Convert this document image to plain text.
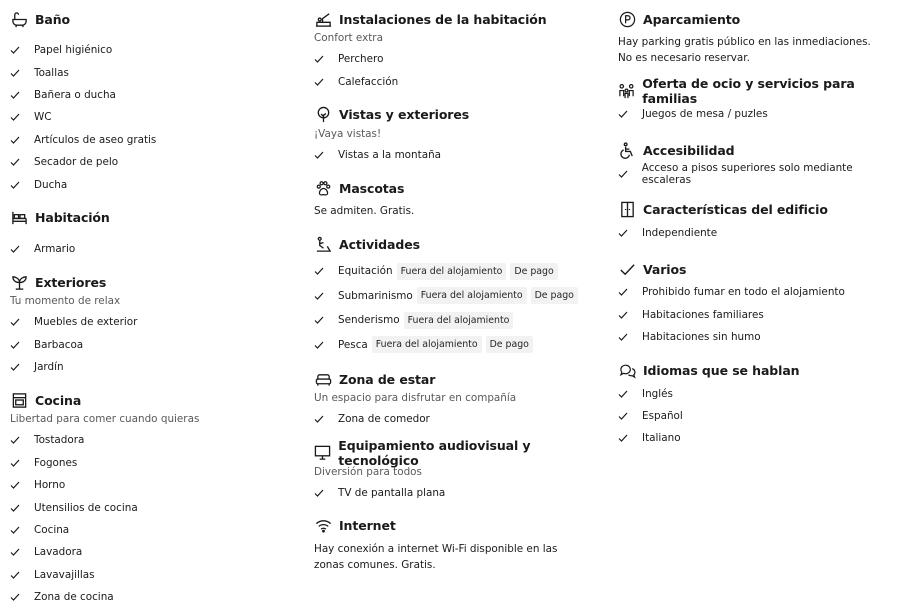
Baño
Papel higiénico
Toallas
Bañera o ducha
WC
Artículos de aseo gratis
Secador de pelo
Ducha
Habitación
Armario
Exteriores
Tu momento de relax
Muebles de exterior
Barbacoa
Jardín
Cocina
Libertad para comer cuando quieras
Tostadora
Fogones
Horno
Utensilios de cocina
Cocina
Lavadora
Lavavajillas
Zona de cocina
Instalaciones de la habitación
Confort extra
Perchero
Calefacción
Vistas y exteriores
¡Vaya vistas!
Vistas a la montaña
Mascotas
Se admiten. Gratis.
Actividades
Equitación Fuera del alojamiento	De pago
Submarinismo Fuera del alojamiento	De pago
Senderismo Fuera del alojamiento
Pesca Fuera del alojamiento	De pago
Zona de estar
Un espacio para disfrutar en compañía
Zona de comedor
Equipamiento audiovisual y tecnológico
Diversión para todos
TV de pantalla plana
Internet
Hay conexión a internet Wi-Fi disponible en las zonas comunes. Gratis.
Aparcamiento
Hay parking gratis público en las inmediaciones. No es necesario reservar.
Oferta de ocio y servicios para familias
Juegos de mesa / puzles
Accesibilidad
Acceso a pisos superiores solo mediante escaleras
Características del edificio
Independiente
Varios
Prohibido fumar en todo el alojamiento
Habitaciones familiares
Habitaciones sin humo
Idiomas que se hablan
Inglés
Español
Italiano
